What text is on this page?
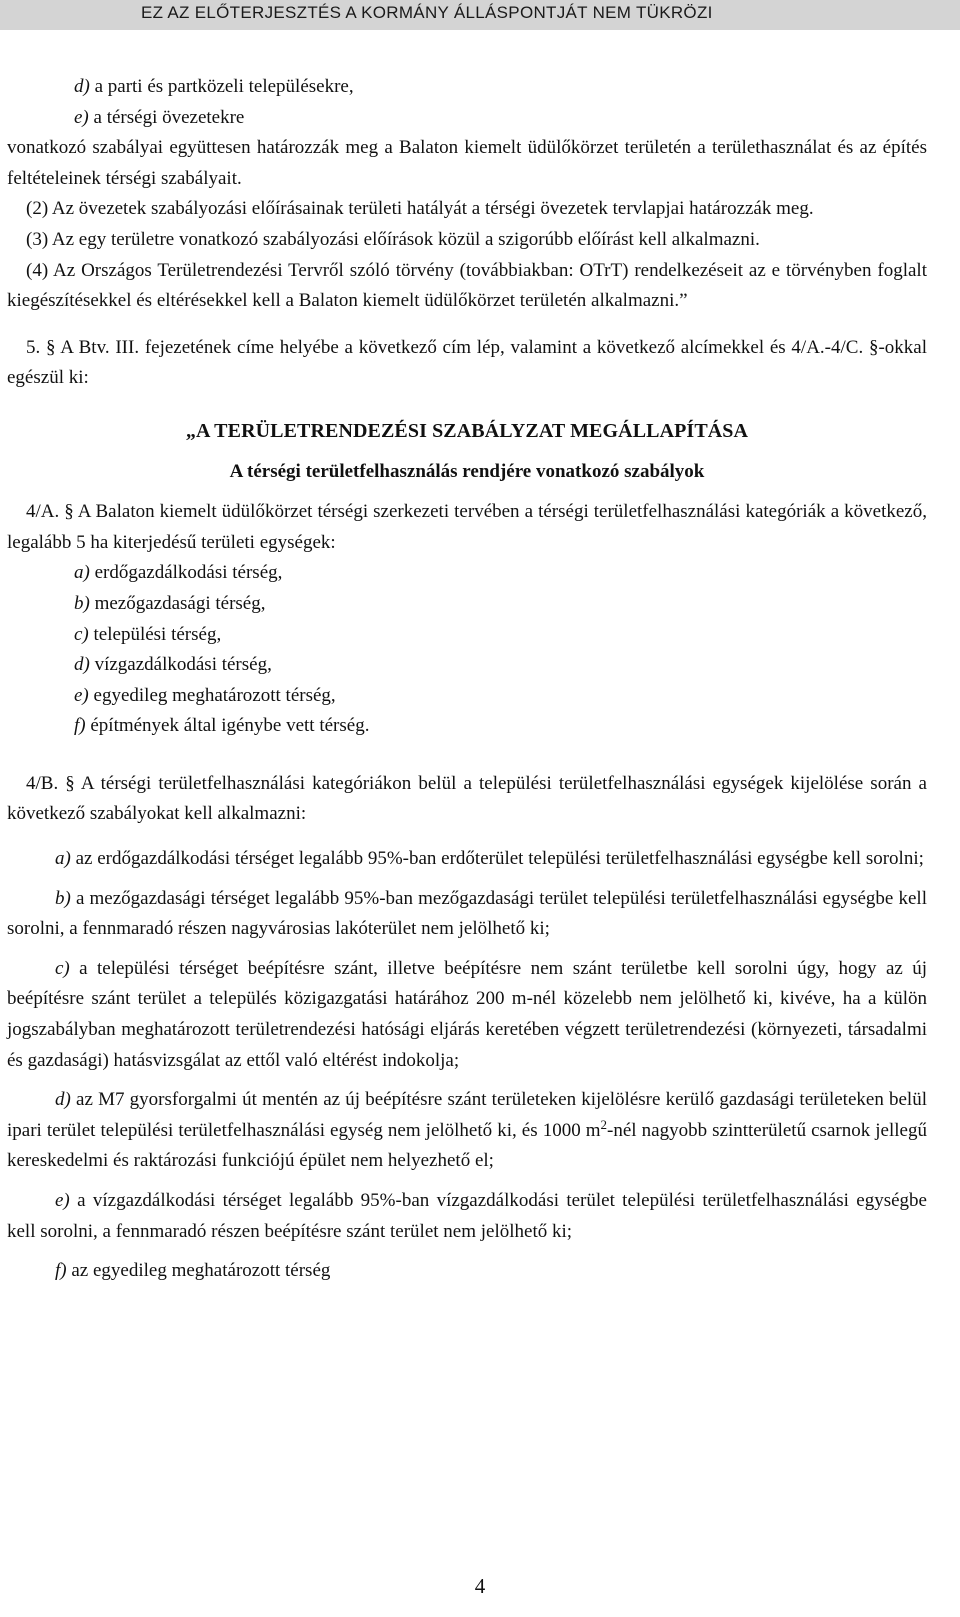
EZ AZ ELŐTERJESZTÉS A KORMÁNY ÁLLÁSPONTJÁT NEM TÜKRÖZI

d) a parti és partközeli településekre,

e) a térségi övezetekre

vonatkozó szabályai együttesen határozzák meg a Balaton kiemelt üdülőkörzet területén a területhasználat és az építés feltételeinek térségi szabályait.

(2) Az övezetek szabályozási előírásainak területi hatályát a térségi övezetek tervlapjai határozzák meg.

(3) Az egy területre vonatkozó szabályozási előírások közül a szigorúbb előírást kell alkalmazni.

(4) Az Országos Területrendezési Tervről szóló törvény (továbbiakban: OTrT) rendelkezéseit az e törvényben foglalt kiegészítésekkel és eltérésekkel kell a Balaton kiemelt üdülőkörzet területén alkalmazni.”

5. § A Btv. III. fejezetének címe helyébe a következő cím lép, valamint a következő alcímekkel és 4/A.-4/C. §-okkal egészül ki:

„A TERÜLETRENDEZÉSI SZABÁLYZAT MEGÁLLAPÍTÁSA

A térségi területfelhasználás rendjére vonatkozó szabályok

4/A. § A Balaton kiemelt üdülőkörzet térségi szerkezeti tervében a térségi területfelhasználási kategóriák a következő, legalább 5 ha kiterjedésű területi egységek:

a) erdőgazdálkodási térség,

b) mezőgazdasági térség,

c) települési térség,

d) vízgazdálkodási térség,

e) egyedileg meghatározott térség,

f) építmények által igénybe vett térség.

4/B. § A térségi területfelhasználási kategóriákon belül a települési területfelhasználási egységek kijelölése során a következő szabályokat kell alkalmazni:

a) az erdőgazdálkodási térséget legalább 95%-ban erdőterület települési területfelhasználási egységbe kell sorolni;

b) a mezőgazdasági térséget legalább 95%-ban mezőgazdasági terület települési területfelhasználási egységbe kell sorolni, a fennmaradó részen nagyvárosias lakóterület nem jelölhető ki;

c) a települési térséget beépítésre szánt, illetve beépítésre nem szánt területbe kell sorolni úgy, hogy az új beépítésre szánt terület a település közigazgatási határához 200 m-nél közelebb nem jelölhető ki, kivéve, ha a külön jogszabályban meghatározott területrendezési hatósági eljárás keretében végzett területrendezési (környezeti, társadalmi és gazdasági) hatásvizsgálat az ettől való eltérést indokolja;

d) az M7 gyorsforgalmi út mentén az új beépítésre szánt területeken kijelölésre kerülő gazdasági területeken belül ipari terület települési területfelhasználási egység nem jelölhető ki, és 1000 $m^2$-nél nagyobb szintterületű csarnok jellegű kereskedelmi és raktározási funkciójú épület nem helyezhető el;

e) a vízgazdálkodási térséget legalább 95%-ban vízgazdálkodási terület települési területfelhasználási egységbe kell sorolni, a fennmaradó részen beépítésre szánt terület nem jelölhető ki;

f) az egyedileg meghatározott térség

4
